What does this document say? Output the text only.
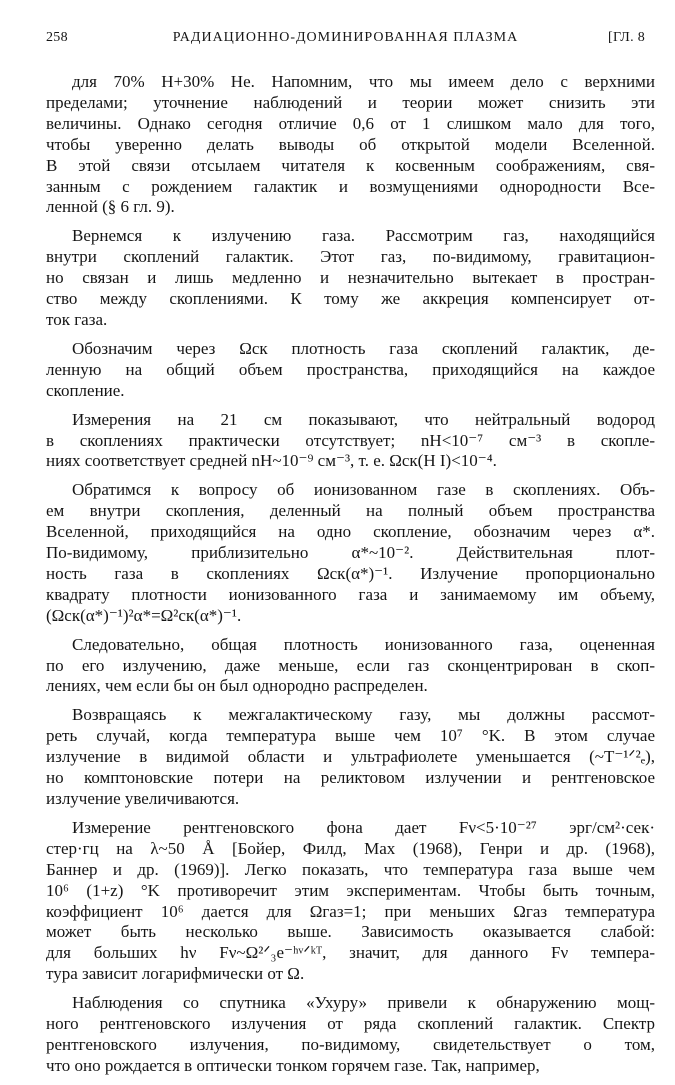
258	РАДИАЦИОННО-ДОМИНИРОВАННАЯ ПЛАЗМА	[ГЛ. 8
для 70% H+30% He. Напомним, что мы имеем дело с верхними
пределами; уточнение наблюдений и теории может снизить эти
величины. Однако сегодня отличие 0,6 от 1 слишком мало для того,
чтобы уверенно делать выводы об открытой модели Вселенной.
В этой связи отсылаем читателя к косвенным соображениям, свя-
занным с рождением галактик и возмущениями однородности Все-
ленной (§ 6 гл. 9).
Вернемся к излучению газа. Рассмотрим газ, находящийся
внутри скоплений галактик. Этот газ, по-видимому, гравитацион-
но связан и лишь медленно и незначительно вытекает в простран-
ство между скоплениями. К тому же аккреция компенсирует от-
ток газа.
Обозначим через Ωск плотность газа скоплений галактик, де-
ленную на общий объем пространства, приходящийся на каждое
скопление.
Измерения на 21 см показывают, что нейтральный водород
в скоплениях практически отсутствует; nH<10⁻⁷ см⁻³ в скопле-
ниях соответствует средней nH~10⁻⁹ см⁻³, т. е. Ωск(H I)<10⁻⁴.
Обратимся к вопросу об ионизованном газе в скоплениях. Объ-
ем внутри скопления, деленный на полный объем пространства
Вселенной, приходящийся на одно скопление, обозначим через α*.
По-видимому, приблизительно α*~10⁻². Действительная плот-
ность газа в скоплениях Ωск(α*)⁻¹. Излучение пропорционально
квадрату плотности ионизованного газа и занимаемому им объему,
(Ωск(α*)⁻¹)²α*=Ω²ск(α*)⁻¹.
Следовательно, общая плотность ионизованного газа, оцененная
по его излучению, даже меньше, если газ сконцентрирован в скоп-
лениях, чем если бы он был однородно распределен.
Возвращаясь к межгалактическому газу, мы должны рассмот-
реть случай, когда температура выше чем 10⁷ °K. В этом случае
излучение в видимой области и ультрафиолете уменьшается (~T⁻¹ᐟ²ₑ),
но комптоновские потери на реликтовом излучении и рентгеновское
излучение увеличиваются.
Измерение рентгеновского фона дает Fν<5·10⁻²⁷ эрг/см²·сек·
стер·гц на λ~50 Å [Бойер, Филд, Мах (1968), Генри и др. (1968),
Баннер и др. (1969)]. Легко показать, что температура газа выше чем
10⁶ (1+z) °K противоречит этим экспериментам. Чтобы быть точным,
коэффициент 10⁶ дается для Ωгаз=1; при меньших Ωгаз температура
может быть несколько выше. Зависимость оказывается слабой:
для больших hν Fν~Ω²ᐟ₃e⁻ʰᵛᐟᵏᵀ, значит, для данного Fν темпера-
тура зависит логарифмически от Ω.
Наблюдения со спутника «Ухуру» привели к обнаружению мощ-
ного рентгеновского излучения от ряда скоплений галактик. Спектр
рентгеновского излучения, по-видимому, свидетельствует о том,
что оно рождается в оптически тонком горячем газе. Так, например,
